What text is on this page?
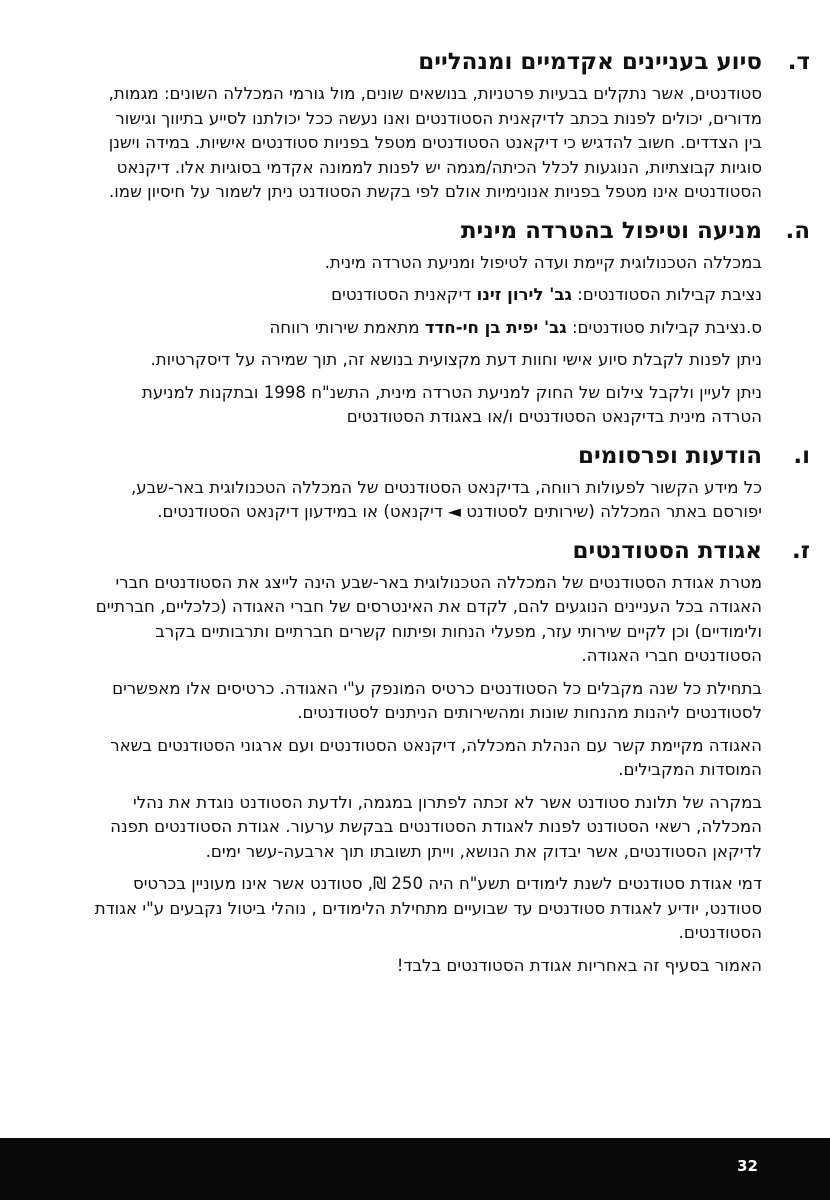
ד.
סיוע בעניינים אקדמיים ומנהליים

סטודנטים, אשר נתקלים בבעיות פרטניות, בנושאים שונים, מול גורמי המכללה השונים: מגמות, מדורים, יכולים לפנות בכתב לדיקאנית הסטודנטים ואנו נעשה ככל יכולתנו לסייע בתיווך וגישור בין הצדדים. חשוב להדגיש כי דיקאנט הסטודנטים מטפל בפניות סטודנטים אישיות. במידה וישנן סוגיות קבוצתיות, הנוגעות לכלל הכיתה/מגמה יש לפנות לממונה אקדמי בסוגיות אלו. דיקנאט הסטודנטים אינו מטפל בפניות אנונימיות אולם לפי בקשת הסטודנט ניתן לשמור על חיסיון שמו.

ה.
מניעה וטיפול בהטרדה מינית

במכללה הטכנולוגית קיימת ועדה לטיפול ומניעת הטרדה מינית.

נציבת קבילות הסטודנטים: גב' לירון זינו דיקאנית הסטודנטים

ס.נציבת קבילות סטודנטים: גב' יפית בן חי-חדד מתאמת שירותי רווחה

ניתן לפנות לקבלת סיוע אישי וחוות דעת מקצועית בנושא זה, תוך שמירה על דיסקרטיות.

ניתן לעיין ולקבל צילום של החוק למניעת הטרדה מינית, התשנ"ח 1998 ובתקנות למניעת הטרדה מינית בדיקנאט הסטודנטים ו/או באגודת הסטודנטים

ו.
הודעות ופרסומים

כל מידע הקשור לפעולות רווחה, בדיקנאט הסטודנטים של המכללה הטכנולוגית באר-שבע, יפורסם באתר המכללה (שירותים לסטודנט ◄ דיקנאט) או במידעון דיקנאט הסטודנטים.

ז.
אגודת הסטודנטים

מטרת אגודת הסטודנטים של המכללה הטכנולוגית באר-שבע הינה לייצג את הסטודנטים חברי האגודה בכל העניינים הנוגעים להם, לקדם את האינטרסים של חברי האגודה (כלכליים, חברתיים ולימודיים) וכן לקיים שירותי עזר, מפעלי הנחות ופיתוח קשרים חברתיים ותרבותיים בקרב הסטודנטים חברי האגודה.

בתחילת כל שנה מקבלים כל הסטודנטים כרטיס המונפק ע"י האגודה. כרטיסים אלו מאפשרים לסטודנטים ליהנות מהנחות שונות ומהשירותים הניתנים לסטודנטים.

האגודה מקיימת קשר עם הנהלת המכללה, דיקנאט הסטודנטים ועם ארגוני הסטודנטים בשאר המוסדות המקבילים.

במקרה של תלונת סטודנט אשר לא זכתה לפתרון במגמה, ולדעת הסטודנט נוגדת את נהלי המכללה, רשאי הסטודנט לפנות לאגודת הסטודנטים בבקשת ערעור. אגודת הסטודנטים תפנה לדיקאן הסטודנטים, אשר יבדוק את הנושא, וייתן תשובתו תוך ארבעה-עשר ימים.

דמי אגודת סטודנטים לשנת לימודים תשע"ח היה 250 ₪, סטודנט אשר אינו מעוניין בכרטיס סטודנט, יודיע לאגודת סטודנטים עד שבועיים מתחילת הלימודים , נוהלי ביטול נקבעים ע"י אגודת הסטודנטים.

האמור בסעיף זה באחריות אגודת הסטודנטים בלבד!

32
